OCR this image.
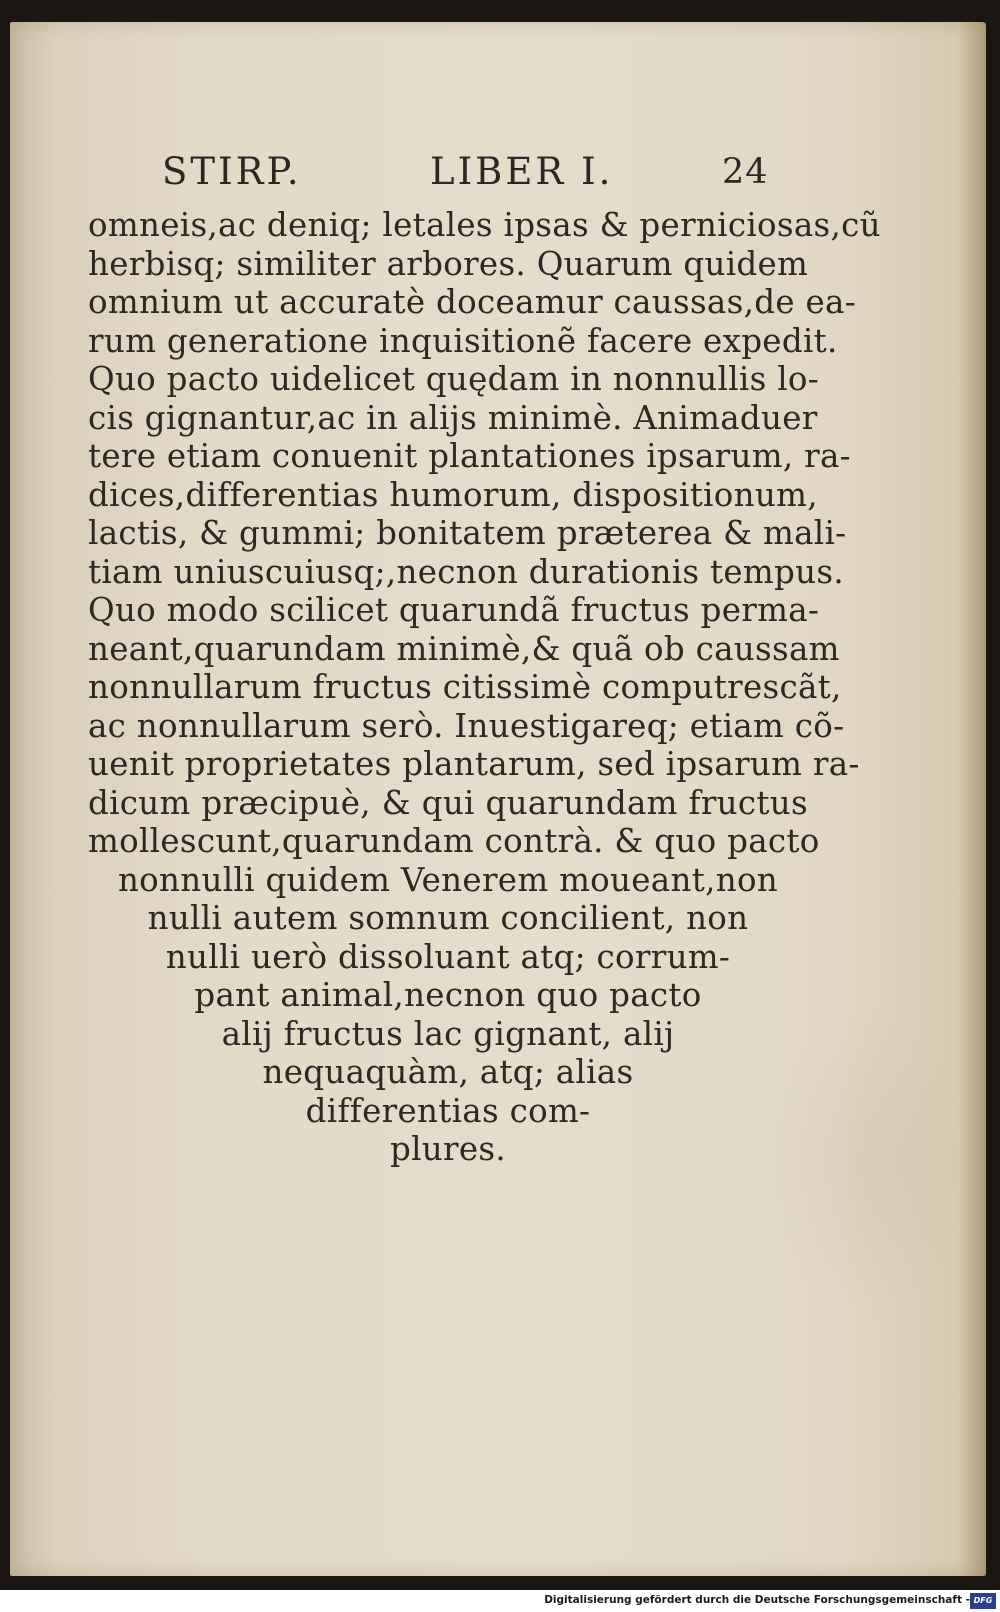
STIRP.	LIBER I.	24
omneis,ac deniq; letales ipsas & perniciosas,cũ
herbisq; similiter arbores. Quarum quidem
omnium ut accuratè doceamur caussas,de ea-
rum generatione inquisitionẽ facere expedit.
Quo pacto uidelicet quędam in nonnullis lo-
cis gignantur,ac in aliјs minimè. Animaduer
tere etiam conuenit plantationes ipsarum, ra-
dices,differentias humorum, dispositionum,
lactis, & gummi; bonitatem præterea & mali-
tiam uniuscuiusq;,necnon durationis tempus.
Quo modo scilicet quarundã fructus perma-
neant,quarundam minimè,& quã ob caussam
nonnullarum fructus citissimè computrescãt,
ac nonnullarum serò. Inuestigareq; etiam cõ-
uenit proprietates plantarum, sed ipsarum ra-
dicum præcipuè, & qui quarundam fructus
mollescunt,quarundam contrà. & quo pacto
nonnulli quidem Venerem moueant,non
nulli autem somnum concilient, non
nulli uerò dissoluant atq; corrum-
pant animal,necnon quo pacto
aliј fructus lac gignant, aliј
nequaquàm, atq; alias
differentias com-
plures.
Digitalisierung gefördert durch die Deutsche Forschungsgemeinschaft - DFG
